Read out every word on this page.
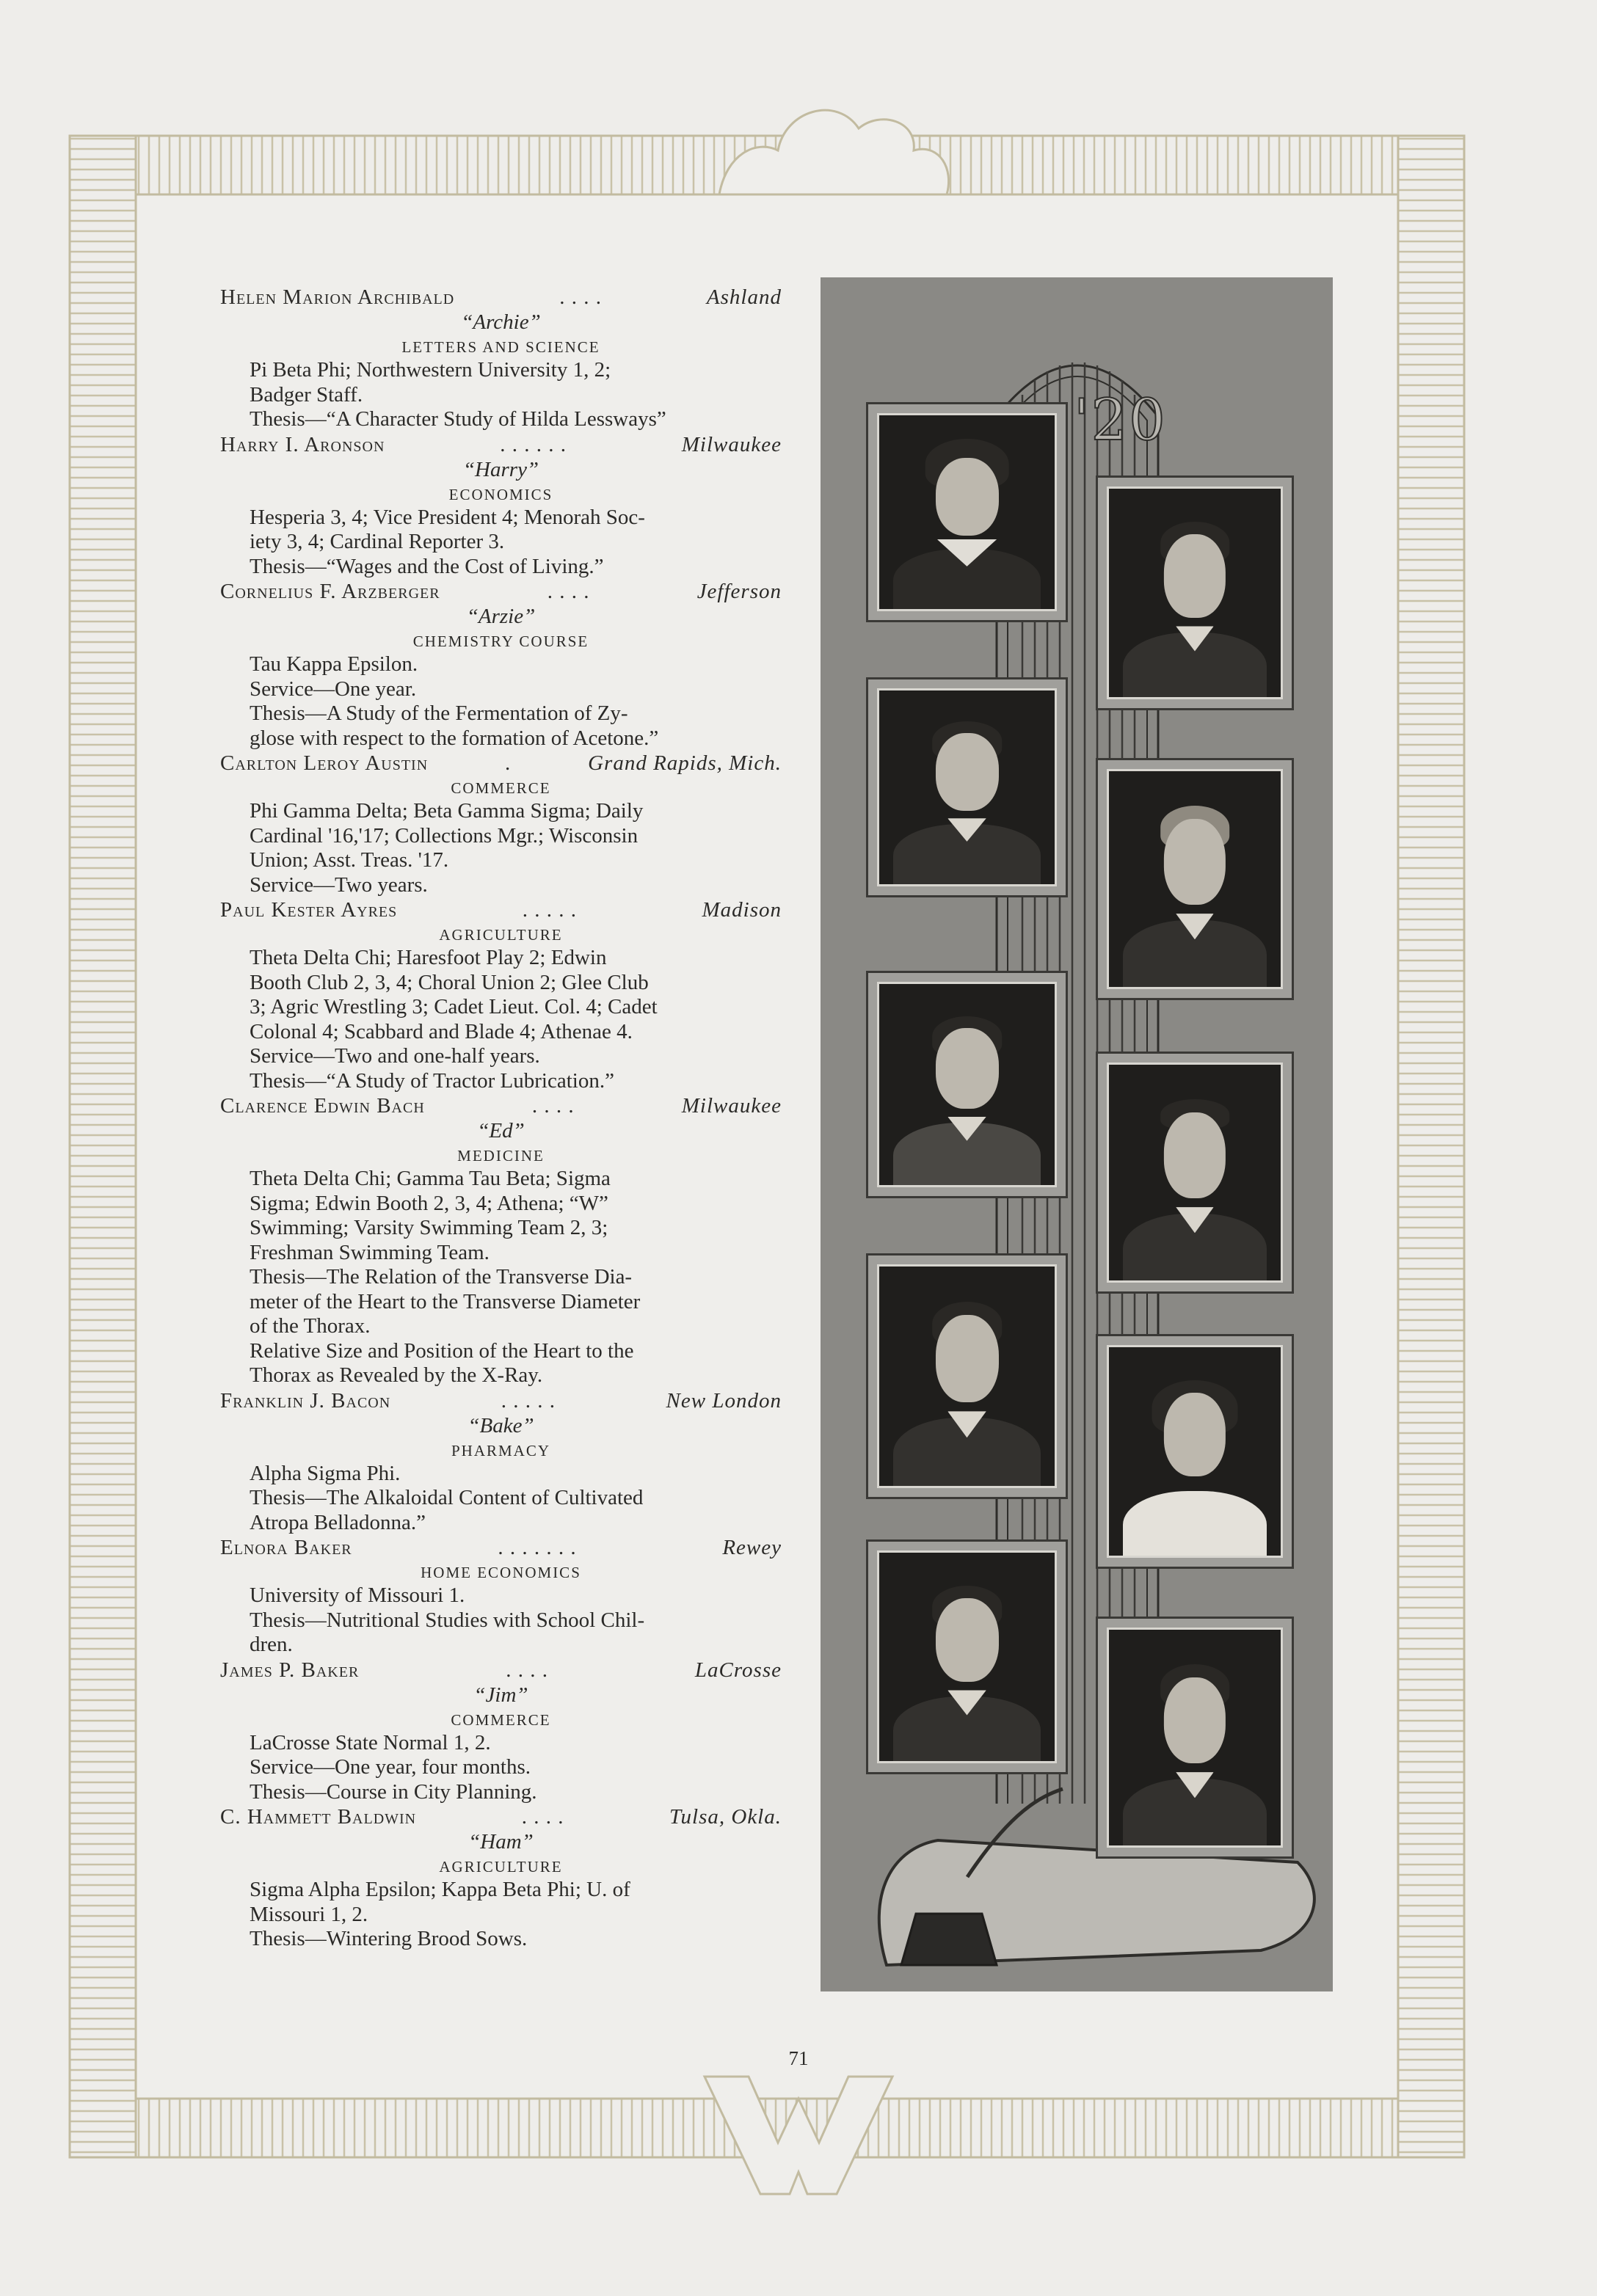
Helen Marion Archibald	. . . .	Ashland
“Archie”
LETTERS AND SCIENCE
Pi Beta Phi; Northwestern University 1, 2;
Badger Staff.
Thesis—“A Character Study of Hilda Lessways”
Harry I. Aronson	. . . . . .	Milwaukee
“Harry”
ECONOMICS
Hesperia 3, 4; Vice President 4; Menorah Soc-
iety 3, 4; Cardinal Reporter 3.
Thesis—“Wages and the Cost of Living.”
Cornelius F. Arzberger	. . . .	Jefferson
“Arzie”
CHEMISTRY COURSE
Tau Kappa Epsilon.
Service—One year.
Thesis—A Study of the Fermentation of Zy-
glose with respect to the formation of Acetone.”
Carlton Leroy Austin	.	Grand Rapids, Mich.
COMMERCE
Phi Gamma Delta; Beta Gamma Sigma; Daily
Cardinal '16,'17; Collections Mgr.; Wisconsin
Union; Asst. Treas. '17.
Service—Two years.
Paul Kester Ayres	. . . . .	Madison
AGRICULTURE
Theta Delta Chi; Haresfoot Play 2; Edwin
Booth Club 2, 3, 4; Choral Union 2; Glee Club
3; Agric Wrestling 3; Cadet Lieut. Col. 4; Cadet
Colonal 4; Scabbard and Blade 4; Athenae 4.
Service—Two and one-half years.
Thesis—“A Study of Tractor Lubrication.”
Clarence Edwin Bach	. . . .	Milwaukee
“Ed”
MEDICINE
Theta Delta Chi; Gamma Tau Beta; Sigma
Sigma; Edwin Booth 2, 3, 4; Athena; “W”
Swimming; Varsity Swimming Team 2, 3;
Freshman Swimming Team.
Thesis—The Relation of the Transverse Dia-
meter of the Heart to the Transverse Diameter
of the Thorax.
Relative Size and Position of the Heart to the
Thorax as Revealed by the X-Ray.
Franklin J. Bacon	. . . . .	New London
“Bake”
PHARMACY
Alpha Sigma Phi.
Thesis—The Alkaloidal Content of Cultivated
Atropa Belladonna.”
Elnora Baker	. . . . . . .	Rewey
HOME ECONOMICS
University of Missouri 1.
Thesis—Nutritional Studies with School Chil-
dren.
James P. Baker	. . . .	LaCrosse
“Jim”
COMMERCE
LaCrosse State Normal 1, 2.
Service—One year, four months.
Thesis—Course in City Planning.
C. Hammett Baldwin	. . . .	Tulsa, Okla.
“Ham”
AGRICULTURE
Sigma Alpha Epsilon; Kappa Beta Phi; U. of
Missouri 1, 2.
Thesis—Wintering Brood Sows.
'20
71
